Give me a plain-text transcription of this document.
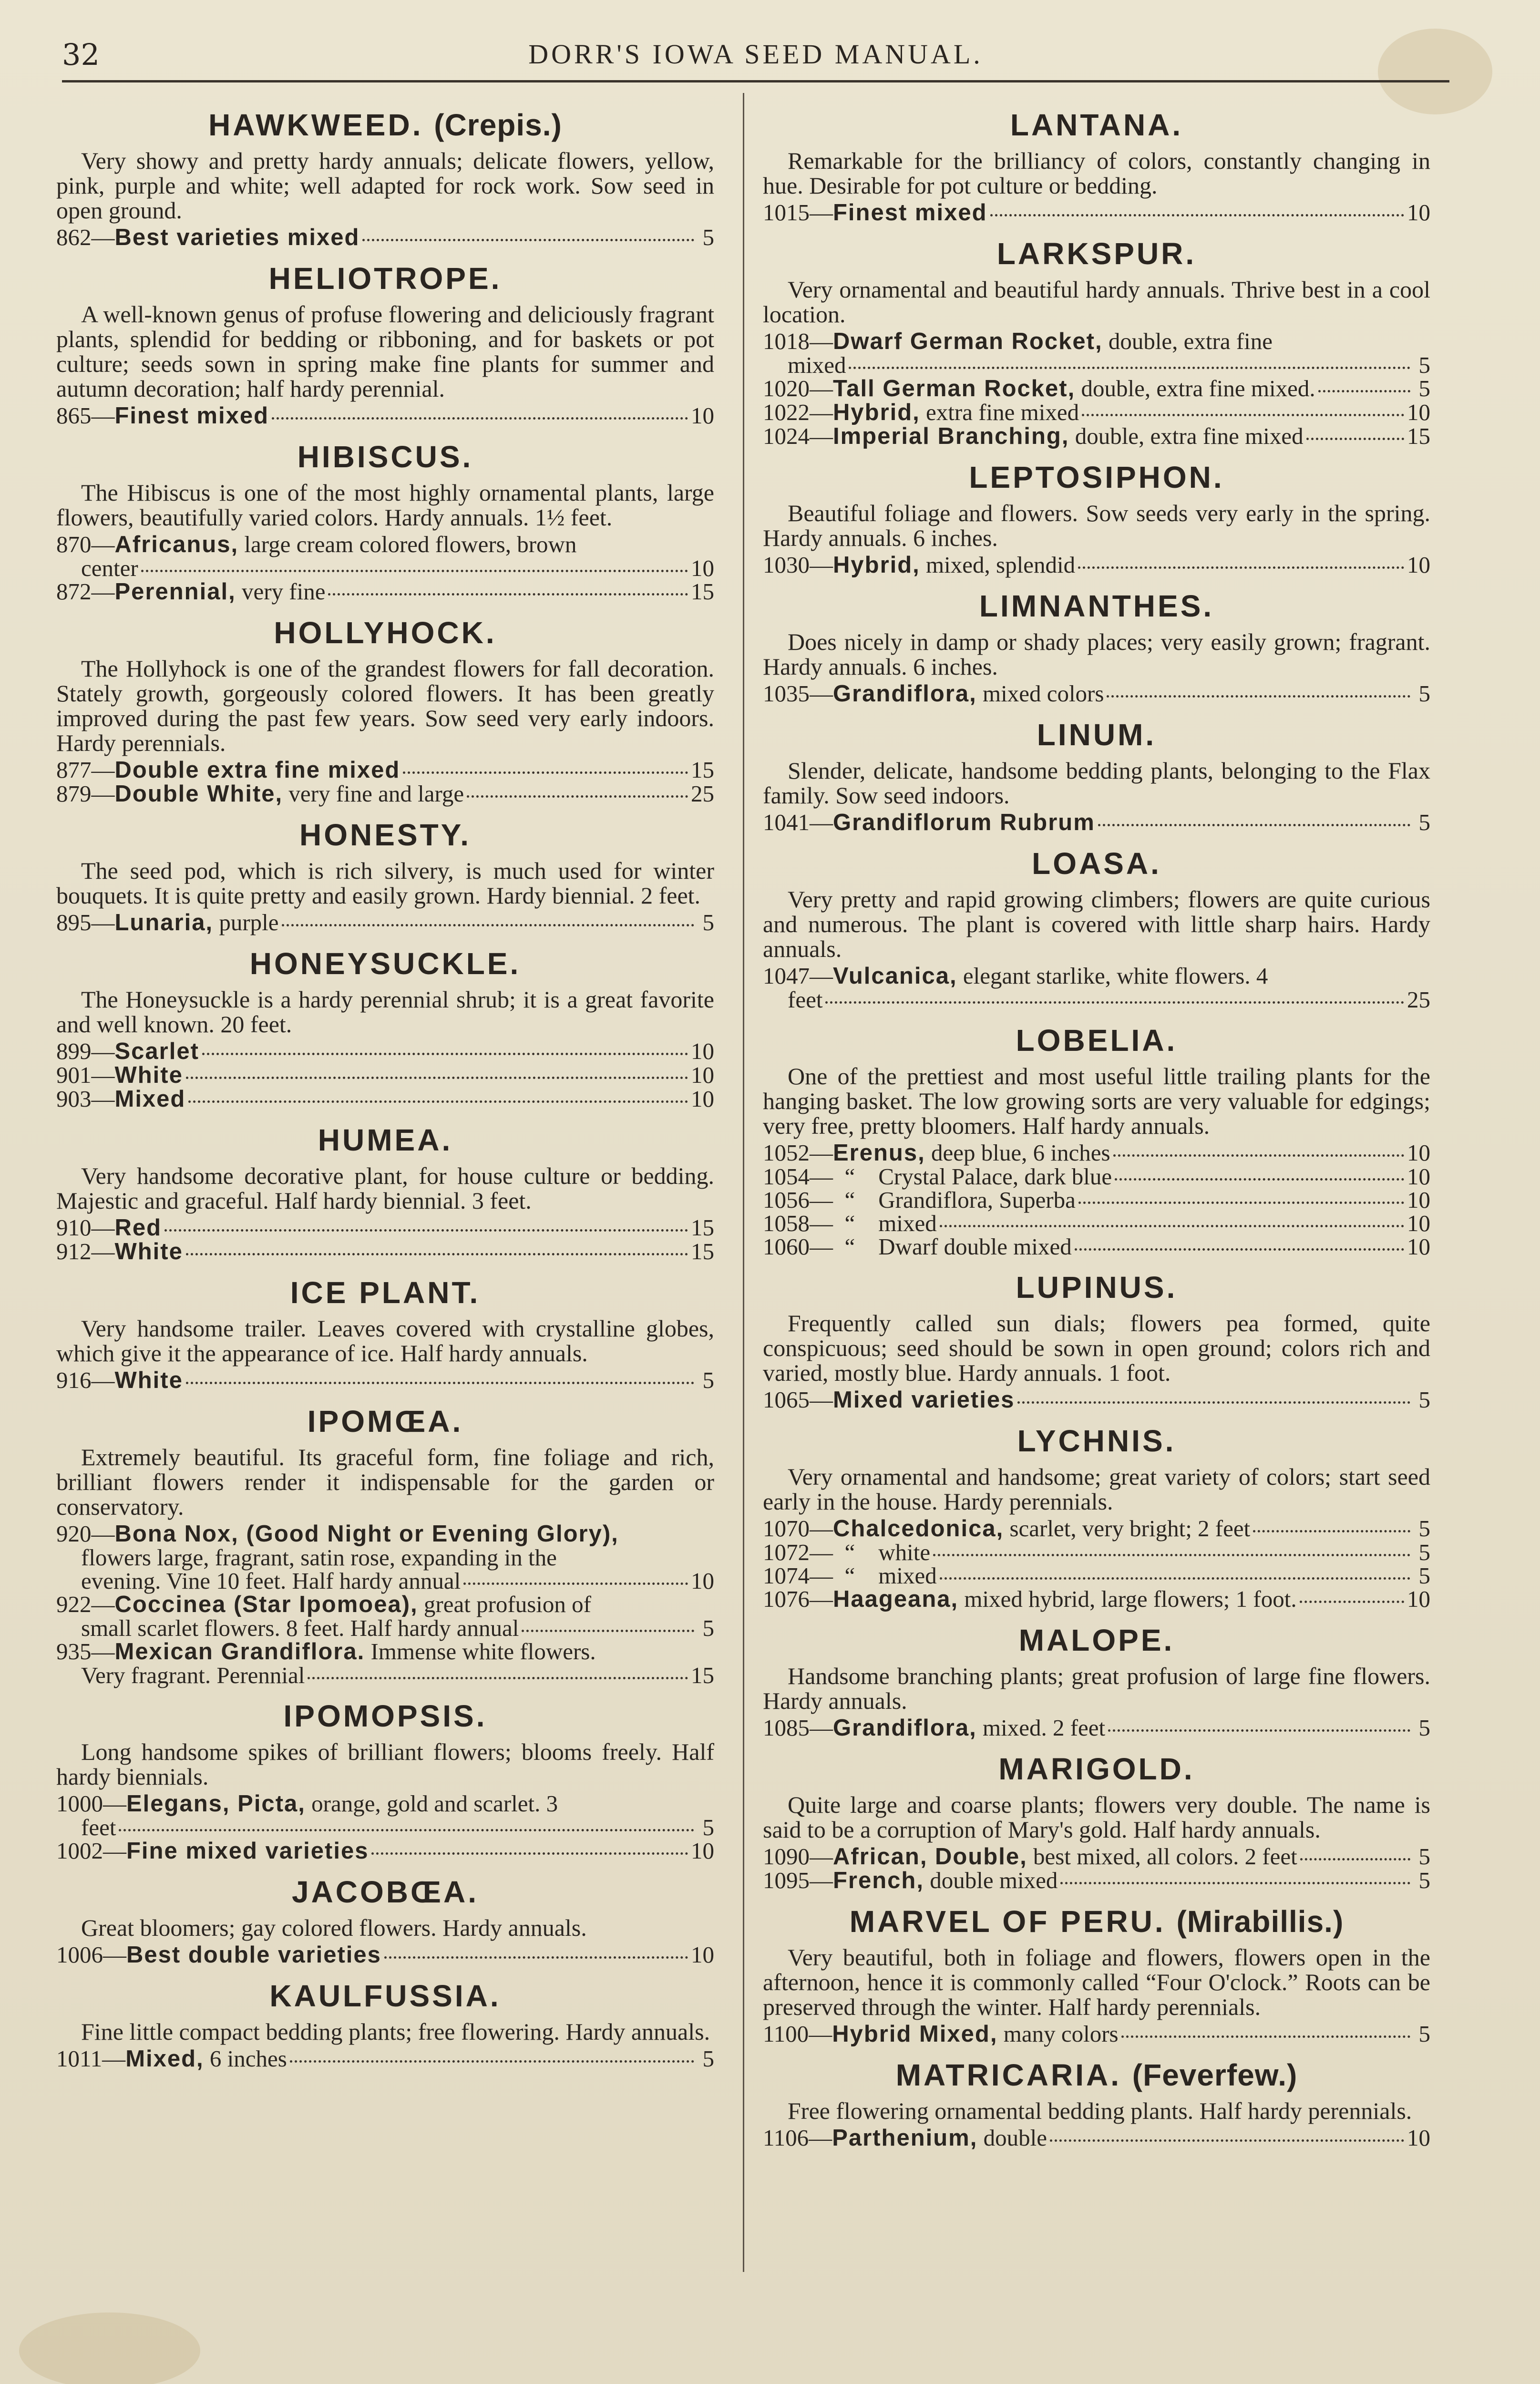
32	DORR'S IOWA SEED MANUAL.
HAWKWEED. (Crepis.)
Very showy and pretty hardy annuals; delicate flowers, yellow, pink, purple and white; well adapted for rock work. Sow seed in open ground.
862— Best varieties mixed	5
HELIOTROPE.
A well-known genus of profuse flowering and deliciously fragrant plants, splendid for bedding or ribboning, and for baskets or pot culture; seeds sown in spring make fine plants for summer and autumn decoration; half hardy perennial.
865— Finest mixed	10
HIBISCUS.
The Hibiscus is one of the most highly ornamental plants, large flowers, beautifully varied colors. Hardy annuals. 1½ feet.
870— Africanus, large cream colored flowers, brown
center	10
872— Perennial, very fine	15
HOLLYHOCK.
The Hollyhock is one of the grandest flowers for fall decoration. Stately growth, gorgeously colored flowers. It has been greatly improved during the past few years. Sow seed very early indoors. Hardy perennials.
877— Double extra fine mixed	15
879— Double White, very fine and large	25
HONESTY.
The seed pod, which is rich silvery, is much used for winter bouquets. It is quite pretty and easily grown. Hardy biennial. 2 feet.
895— Lunaria, purple	5
HONEYSUCKLE.
The Honeysuckle is a hardy perennial shrub; it is a great favorite and well known. 20 feet.
899— Scarlet	10
901— White	10
903— Mixed	10
HUMEA.
Very handsome decorative plant, for house culture or bedding. Majestic and graceful. Half hardy biennial. 3 feet.
910— Red	15
912— White	15
ICE PLANT.
Very handsome trailer. Leaves covered with crystalline globes, which give it the appearance of ice. Half hardy annuals.
916— White	5
IPOMŒA.
Extremely beautiful. Its graceful form, fine foliage and rich, brilliant flowers render it indispensable for the garden or conservatory.
920— Bona Nox, (Good Night or Evening Glory),
flowers large, fragrant, satin rose, expanding in the
evening. Vine 10 feet. Half hardy annual	10
922— Coccinea (Star Ipomoea), great profusion of
small scarlet flowers. 8 feet. Half hardy annual	5
935— Mexican Grandiflora. Immense white flowers.
Very fragrant. Perennial	15
IPOMOPSIS.
Long handsome spikes of brilliant flowers; blooms freely. Half hardy biennials.
1000— Elegans, Picta, orange, gold and scarlet. 3
feet	5
1002— Fine mixed varieties	10
JACOBŒA.
Great bloomers; gay colored flowers. Hardy annuals.
1006— Best double varieties	10
KAULFUSSIA.
Fine little compact bedding plants; free flowering. Hardy annuals.
1011— Mixed, 6 inches	5
LANTANA.
Remarkable for the brilliancy of colors, constantly changing in hue. Desirable for pot culture or bedding.
1015— Finest mixed	10
LARKSPUR.
Very ornamental and beautiful hardy annuals. Thrive best in a cool location.
1018— Dwarf German Rocket, double, extra fine
mixed	5
1020— Tall German Rocket, double, extra fine mixed.	5
1022— Hybrid, extra fine mixed	10
1024— Imperial Branching, double, extra fine mixed	15
LEPTOSIPHON.
Beautiful foliage and flowers. Sow seeds very early in the spring. Hardy annuals. 6 inches.
1030— Hybrid, mixed, splendid	10
LIMNANTHES.
Does nicely in damp or shady places; very easily grown; fragrant. Hardy annuals. 6 inches.
1035— Grandiflora, mixed colors	5
LINUM.
Slender, delicate, handsome bedding plants, belonging to the Flax family. Sow seed indoors.
1041— Grandiflorum Rubrum	5
LOASA.
Very pretty and rapid growing climbers; flowers are quite curious and numerous. The plant is covered with little sharp hairs. Hardy annuals.
1047— Vulcanica, elegant starlike, white flowers. 4
feet	25
LOBELIA.
One of the prettiest and most useful little trailing plants for the hanging basket. The low growing sorts are very valuable for edgings; very free, pretty bloomers. Half hardy annuals.
1052— Erenus, deep blue, 6 inches	10
1054— “    Crystal Palace, dark blue	10
1056— “    Grandiflora, Superba	10
1058— “    mixed	10
1060— “    Dwarf double mixed	10
LUPINUS.
Frequently called sun dials; flowers pea formed, quite conspicuous; seed should be sown in open ground; colors rich and varied, mostly blue. Hardy annuals. 1 foot.
1065— Mixed varieties	5
LYCHNIS.
Very ornamental and handsome; great variety of colors; start seed early in the house. Hardy perennials.
1070— Chalcedonica, scarlet, very bright; 2 feet	5
1072— “    white	5
1074— “    mixed	5
1076— Haageana, mixed hybrid, large flowers; 1 foot.	10
MALOPE.
Handsome branching plants; great profusion of large fine flowers. Hardy annuals.
1085— Grandiflora, mixed. 2 feet	5
MARIGOLD.
Quite large and coarse plants; flowers very double. The name is said to be a corruption of Mary's gold. Half hardy annuals.
1090— African, Double, best mixed, all colors. 2 feet	5
1095— French, double mixed	5
MARVEL OF PERU. (Mirabillis.)
Very beautiful, both in foliage and flowers, flowers open in the afternoon, hence it is commonly called “Four O'clock.” Roots can be preserved through the winter. Half hardy perennials.
1100— Hybrid Mixed, many colors	5
MATRICARIA. (Feverfew.)
Free flowering ornamental bedding plants. Half hardy perennials.
1106— Parthenium, double	10
